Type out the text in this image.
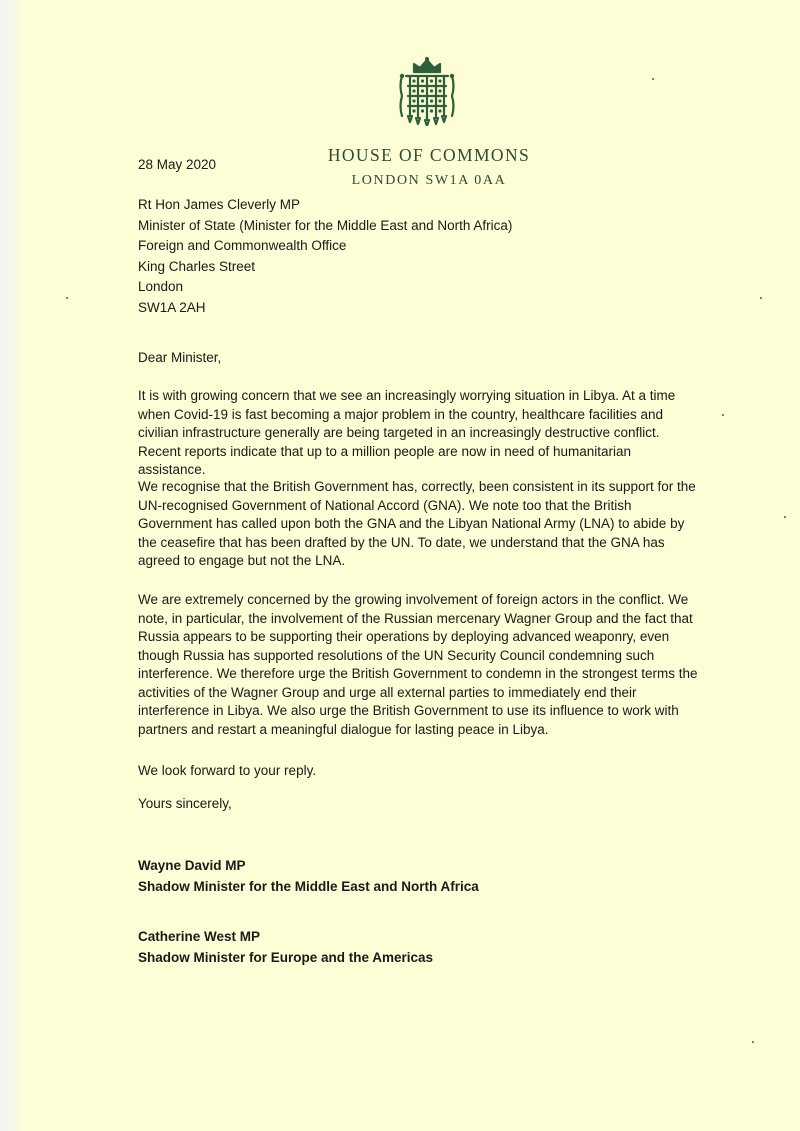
HOUSE OF COMMONS
LONDON SW1A 0AA
28 May 2020
Rt Hon James Cleverly MP
Minister of State (Minister for the Middle East and North Africa)
Foreign and Commonwealth Office
King Charles Street
London
SW1A 2AH
Dear Minister,

It is with growing concern that we see an increasingly worrying situation in Libya. At a time when Covid-19 is fast becoming a major problem in the country, healthcare facilities and civilian infrastructure generally are being targeted in an increasingly destructive conflict. Recent reports indicate that up to a million people are now in need of humanitarian assistance.

We recognise that the British Government has, correctly, been consistent in its support for the UN-recognised Government of National Accord (GNA). We note too that the British Government has called upon both the GNA and the Libyan National Army (LNA) to abide by the ceasefire that has been drafted by the UN. To date, we understand that the GNA has agreed to engage but not the LNA.

We are extremely concerned by the growing involvement of foreign actors in the conflict. We note, in particular, the involvement of the Russian mercenary Wagner Group and the fact that Russia appears to be supporting their operations by deploying advanced weaponry, even though Russia has supported resolutions of the UN Security Council condemning such interference. We therefore urge the British Government to condemn in the strongest terms the activities of the Wagner Group and urge all external parties to immediately end their interference in Libya. We also urge the British Government to use its influence to work with partners and restart a meaningful dialogue for lasting peace in Libya.

We look forward to your reply.
Yours sincerely,
Wayne David MP
Shadow Minister for the Middle East and North Africa
Catherine West MP
Shadow Minister for Europe and the Americas
